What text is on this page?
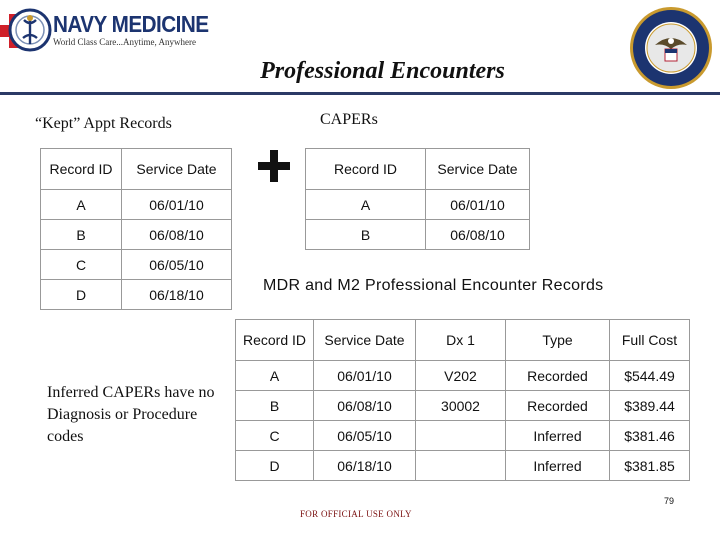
NAVY MEDICINE
World Class Care...Anytime, Anywhere
Professional Encounters
“Kept” Appt Records
Record ID	Service Date
A	06/01/10
B	06/08/10
C	06/05/10
D	06/18/10
CAPERs
Record ID	Service Date
A	06/01/10
B	06/08/10
MDR and M2 Professional Encounter Records
Record ID	Service Date	Dx 1	Type	Full Cost
A	06/01/10	V202	Recorded	$544.49
B	06/08/10	30002	Recorded	$389.44
C	06/05/10		Inferred	$381.46
D	06/18/10		Inferred	$381.85
Inferred CAPERs have no Diagnosis or Procedure codes
79
FOR OFFICIAL USE ONLY
